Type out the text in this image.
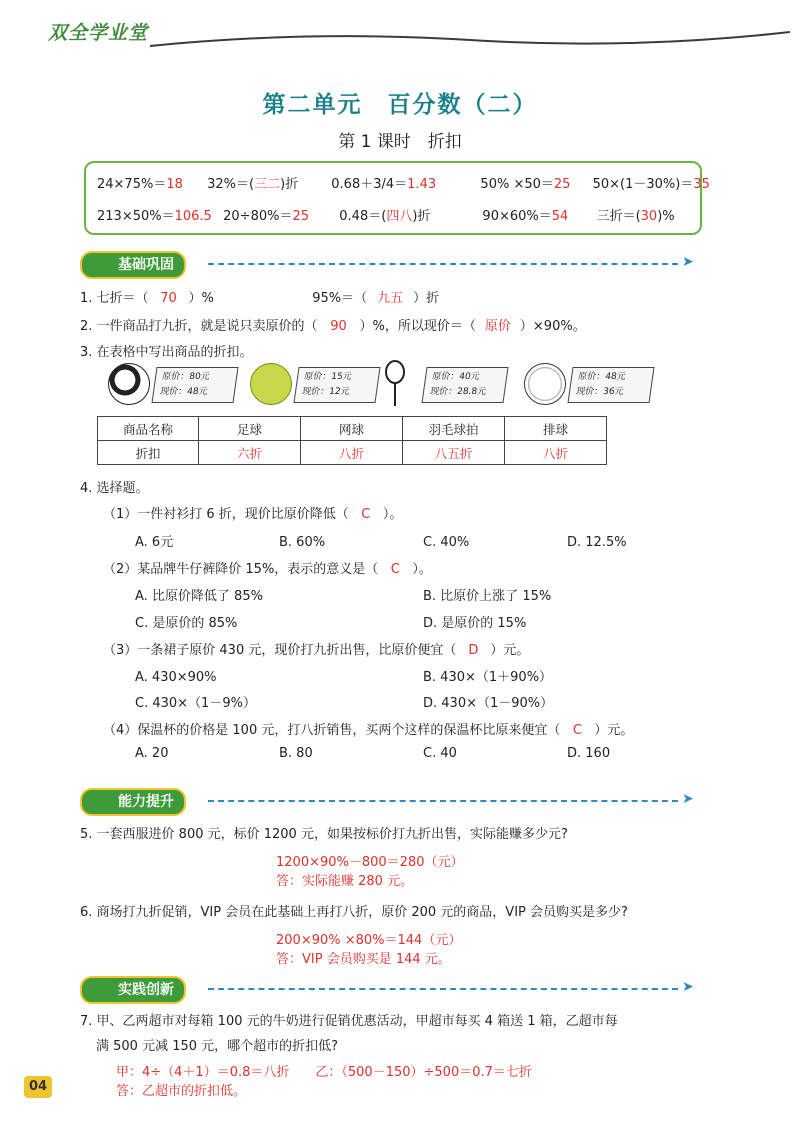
双全学业堂
第二单元　百分数（二）
第 1 课时　折扣
24×75%＝18 32%＝(三二)折	0.68＋3/4＝1.43	50% ×50＝25 50×(1－30%)＝35
213×50%＝106.5 20÷80%＝25 0.48＝(四八)折	90×60%＝54 三折＝(30)%
基础巩固	➤
1. 七折＝（ 70 ）%	95%＝（ 九五 ）折
2. 一件商品打九折，就是说只卖原价的（ 90 ）%，所以现价＝（ 原价 ）×90%。
3. 在表格中写出商品的折扣。
原价：80元
现价：48元
原价：15元
现价：12元
原价：40元
现价：28.8元
原价：48元
现价：36元
商品名称	足球	网球	羽毛球拍	排球
折扣	六折	八折	八五折	八折
4. 选择题。
（1）一件衬衫打 6 折，现价比原价降低（ C ）。
A. 6元	B. 60%	C. 40%	D. 12.5%
（2）某品牌牛仔裤降价 15%，表示的意义是（ C ）。
A. 比原价降低了 85%	B. 比原价上涨了 15%
C. 是原价的 85%	D. 是原价的 15%
（3）一条裙子原价 430 元，现价打九折出售，比原价便宜（ D ）元。
A. 430×90%	B. 430×（1＋90%）
C. 430×（1－9%）	D. 430×（1－90%）
（4）保温杯的价格是 100 元，打八折销售，买两个这样的保温杯比原来便宜（ C ）元。
A. 20	B. 80	C. 40	D. 160
能力提升	➤
5. 一套西服进价 800 元，标价 1200 元，如果按标价打九折出售，实际能赚多少元?
1200×90%－800＝280（元）
答：实际能赚 280 元。
6. 商场打九折促销，VIP 会员在此基础上再打八折，原价 200 元的商品，VIP 会员购买是多少?
200×90% ×80%＝144（元）
答：VIP 会员购买是 144 元。
实践创新	➤
7. 甲、乙两超市对每箱 100 元的牛奶进行促销优惠活动，甲超市每买 4 箱送 1 箱，乙超市每
满 500 元减 150 元，哪个超市的折扣低?
甲：4÷（4＋1）＝0.8＝八折　　乙：（500－150）÷500＝0.7＝七折
答：乙超市的折扣低。
04
